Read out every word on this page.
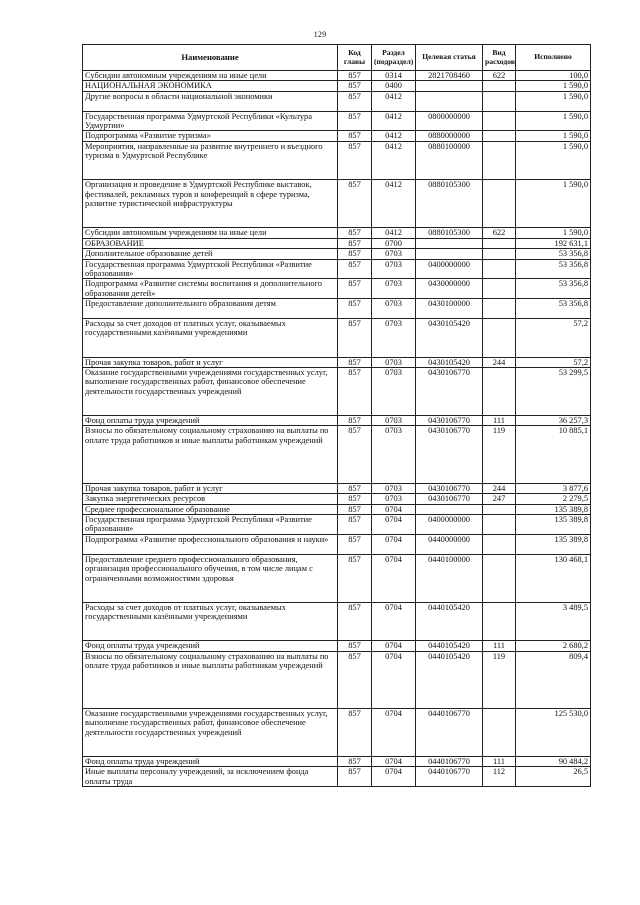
129
Наименование	Код главы	Раздел (подраздел)	Целевая статья	Вид расходов	Исполнено
Субсидии автономным учреждениям на иные цели	857	0314	2821708460	622	100,0
НАЦИОНАЛЬНАЯ ЭКОНОМИКА	857	0400			1 590,0
Другие вопросы в области национальной экономики	857	0412			1 590,0
Государственная программа Удмуртской Республики «Культура Удмуртии»	857	0412	0800000000		1 590,0
Подпрограмма «Развитие туризма»	857	0412	0880000000		1 590,0
Мероприятия, направленные на развитие внутреннего и въездного туризма в Удмуртской Республике	857	0412	0880100000		1 590,0
Организация и проведение в Удмуртской Республике выставок, фестивалей, рекламных туров и конференций в сфере туризма, развитие туристической инфраструктуры	857	0412	0880105300		1 590,0
Субсидии автономным учреждениям на иные цели	857	0412	0880105300	622	1 590,0
ОБРАЗОВАНИЕ	857	0700			192 631,1
Дополнительное образование детей	857	0703			53 356,8
Государственная программа Удмуртской Республики «Развитие образования»	857	0703	0400000000		53 356,8
Подпрограмма «Развитие системы воспитания и дополнительного образования детей»	857	0703	0430000000		53 356,8
Предоставление дополнительного образования детям	857	0703	0430100000		53 356,8
Расходы за счет доходов от платных услуг, оказываемых государственными казёнными учреждениями	857	0703	0430105420		57,2
Прочая закупка товаров, работ и услуг	857	0703	0430105420	244	57,2
Оказание государственными учреждениями государственных услуг, выполнение государственных работ, финансовое обеспечение деятельности государственных учреждений	857	0703	0430106770		53 299,5
Фонд оплаты труда учреждений	857	0703	0430106770	111	36 257,3
Взносы по обязательному социальному страхованию на выплаты по оплате труда работников и иные выплаты работникам учреждений	857	0703	0430106770	119	10 885,1
Прочая закупка товаров, работ и услуг	857	0703	0430106770	244	3 877,6
Закупка энергетических ресурсов	857	0703	0430106770	247	2 279,5
Среднее профессиональное образование	857	0704			135 389,8
Государственная программа Удмуртской Республики «Развитие образования»	857	0704	0400000000		135 389,8
Подпрограмма «Развитие профессионального образования и науки»	857	0704	0440000000		135 389,8
Предоставление среднего профессионального образования, организация профессионального обучения, в том числе лицам с ограниченными возможностями здоровья	857	0704	0440100000		130 468,1
Расходы за счет доходов от платных услуг, оказываемых государственными казёнными учреждениями	857	0704	0440105420		3 489,5
Фонд оплаты труда учреждений	857	0704	0440105420	111	2 680,2
Взносы по обязательному социальному страхованию на выплаты по оплате труда работников и иные выплаты работникам учреждений	857	0704	0440105420	119	809,4
Оказание государственными учреждениями государственных услуг, выполнение государственных работ, финансовое обеспечение деятельности государственных учреждений	857	0704	0440106770		125 530,0
Фонд оплаты труда учреждений	857	0704	0440106770	111	90 484,2
Иные выплаты персоналу учреждений, за исключением фонда оплаты труда	857	0704	0440106770	112	26,5
